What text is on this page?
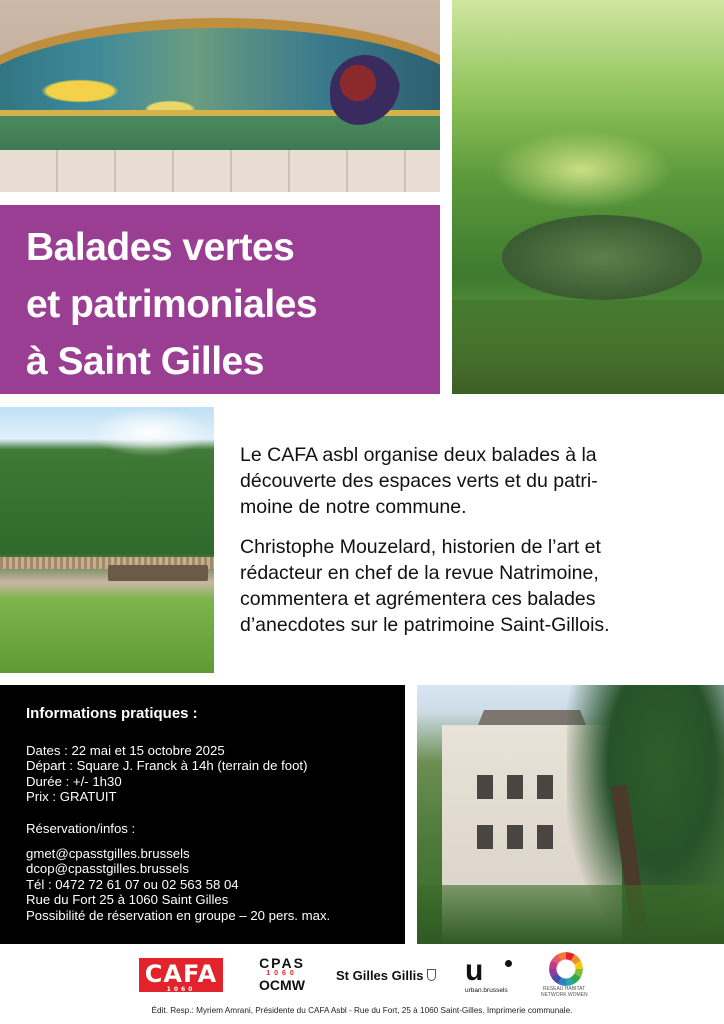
Balades vertes
et patrimoniales
à Saint Gilles

Le CAFA asbl organise deux balades à la
découverte des espaces verts et du patri-
moine de notre commune.

Christophe Mouzelard, historien de l’art et
rédacteur en chef de la revue Natrimoine,
commentera et agrémentera ces balades
d’anecdotes sur le patrimoine Saint-Gillois.

Informations pratiques :
Dates : 22 mai et 15 octobre 2025
Départ : Square J. Franck à 14h (terrain de foot)
Durée : +/- 1h30
Prix : GRATUIT
Réservation/infos :
gmet@cpasstgilles.brussels
dcop@cpasstgilles.brussels
Tél : 0472 72 61 07 ou 02 563 58 04
Rue du Fort 25 à 1060 Saint Gilles
Possibilité de réservation en groupe – 20 pers. max.
CAFA
1060
CPAS
1060
OCMW
St Gilles Gillis	u
urban.brussels	RESEAU HABITAT
NETWORK WOMEN
Édit. Resp.: Myriem Amrani, Présidente du CAFA Asbl - Rue du Fort, 25 à 1060 Saint-Gilles. Imprimerie communale.
